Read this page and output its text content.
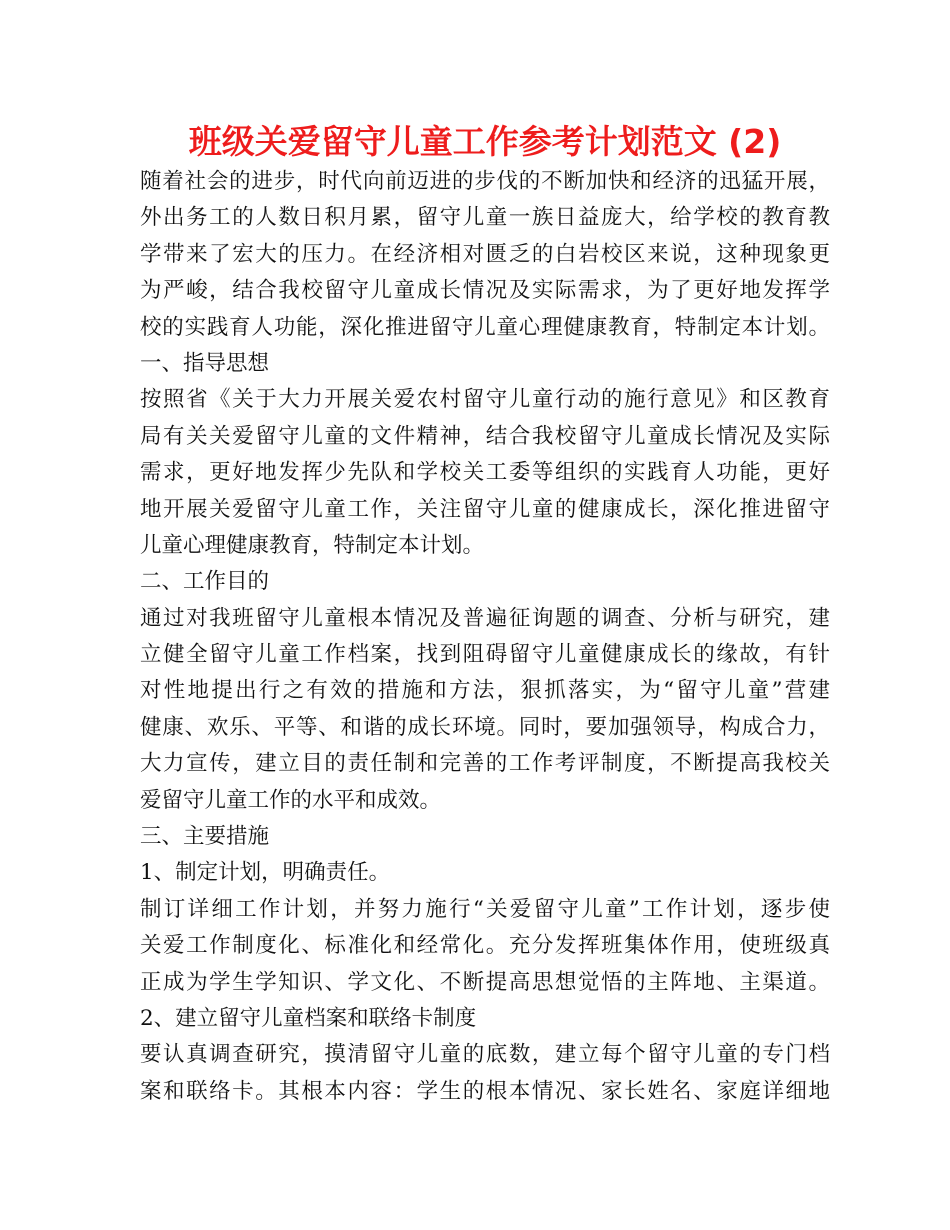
班级关爱留守儿童工作参考计划范文 (2)
随着社会的进步，时代向前迈进的步伐的不断加快和经济的迅猛开展，
外出务工的人数日积月累，留守儿童一族日益庞大，给学校的教育教
学带来了宏大的压力。在经济相对匮乏的白岩校区来说，这种现象更
为严峻，结合我校留守儿童成长情况及实际需求，为了更好地发挥学
校的实践育人功能，深化推进留守儿童心理健康教育，特制定本计划。
一、指导思想
按照省《关于大力开展关爱农村留守儿童行动的施行意见》和区教育
局有关关爱留守儿童的文件精神，结合我校留守儿童成长情况及实际
需求，更好地发挥少先队和学校关工委等组织的实践育人功能，更好
地开展关爱留守儿童工作，关注留守儿童的健康成长，深化推进留守
儿童心理健康教育，特制定本计划。
二、工作目的
通过对我班留守儿童根本情况及普遍征询题的调查、分析与研究，建
立健全留守儿童工作档案，找到阻碍留守儿童健康成长的缘故，有针
对性地提出行之有效的措施和方法，狠抓落实，为“留守儿童”营建
健康、欢乐、平等、和谐的成长环境。同时，要加强领导，构成合力，
大力宣传，建立目的责任制和完善的工作考评制度，不断提高我校关
爱留守儿童工作的水平和成效。
三、主要措施
1、制定计划，明确责任。
制订详细工作计划，并努力施行“关爱留守儿童”工作计划，逐步使
关爱工作制度化、标准化和经常化。充分发挥班集体作用，使班级真
正成为学生学知识、学文化、不断提高思想觉悟的主阵地、主渠道。
2、建立留守儿童档案和联络卡制度
要认真调查研究，摸清留守儿童的底数，建立每个留守儿童的专门档
案和联络卡。其根本内容：学生的根本情况、家长姓名、家庭详细地
